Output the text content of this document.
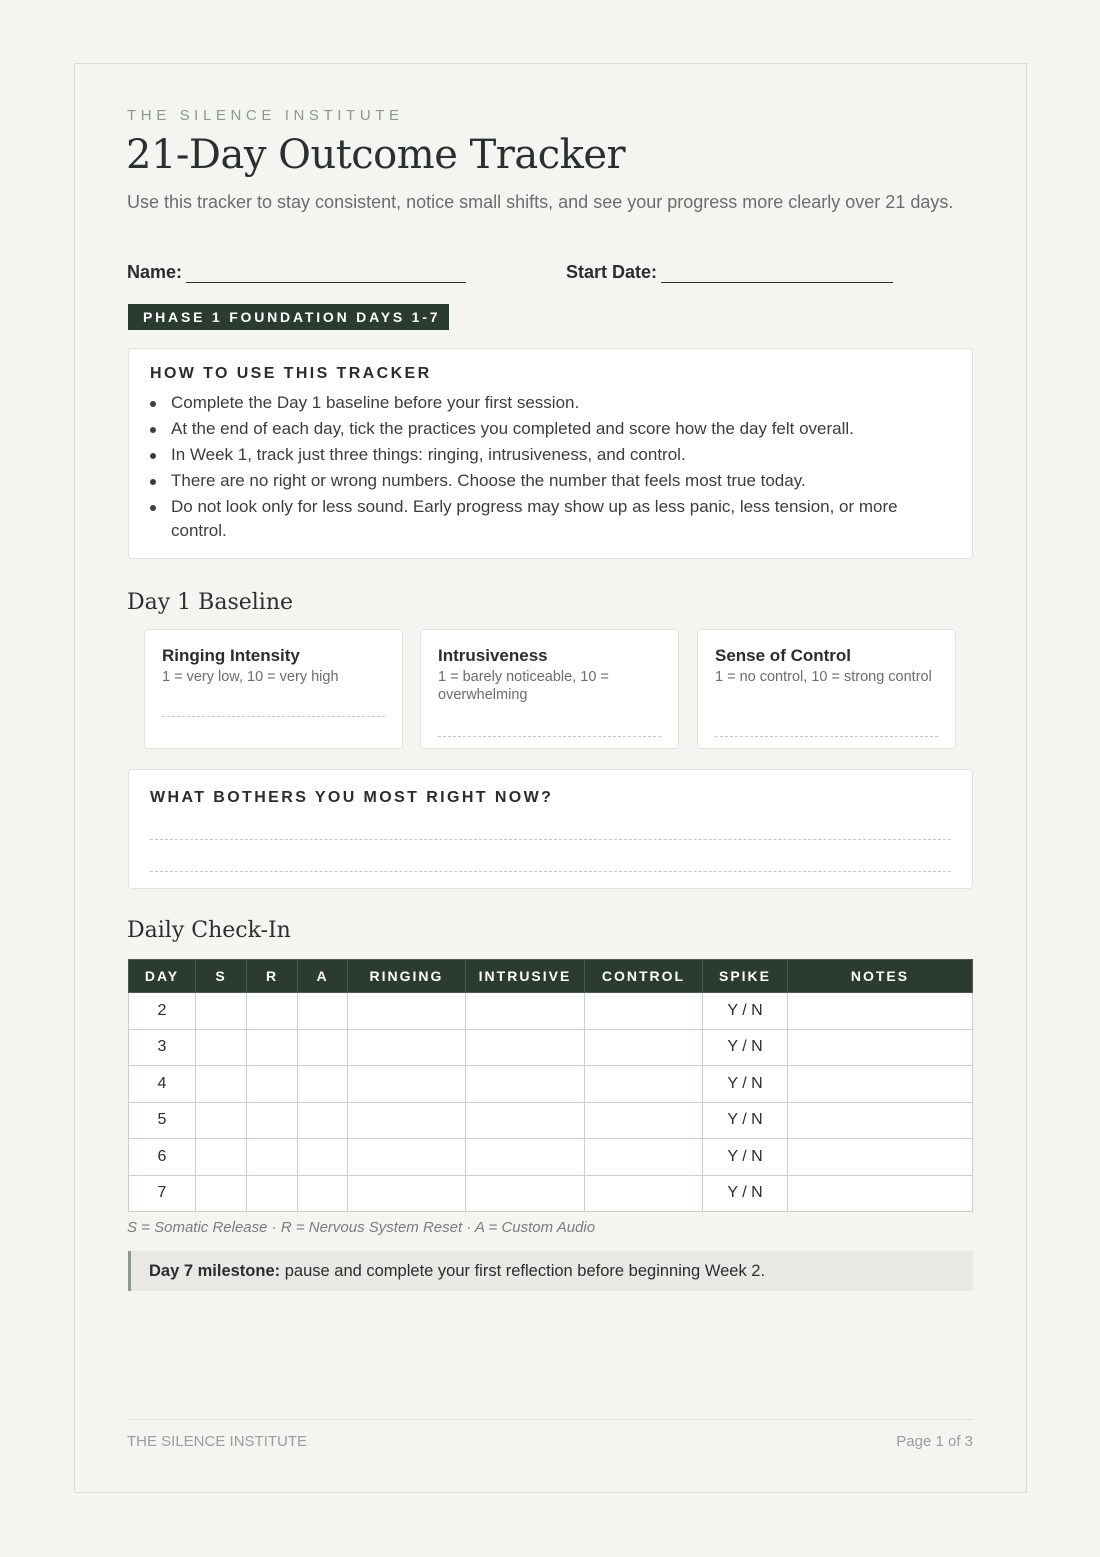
THE SILENCE INSTITUTE
21-Day Outcome Tracker
Use this tracker to stay consistent, notice small shifts, and see your progress more clearly over 21 days.
Name:	Start Date:
PHASE 1 FOUNDATION DAYS 1-7
HOW TO USE THIS TRACKER
Complete the Day 1 baseline before your first session.
At the end of each day, tick the practices you completed and score how the day felt overall.
In Week 1, track just three things: ringing, intrusiveness, and control.
There are no right or wrong numbers. Choose the number that feels most true today.
Do not look only for less sound. Early progress may show up as less panic, less tension, or more control.
Day 1 Baseline
Ringing Intensity
1 = very low, 10 = very high
Intrusiveness
1 = barely noticeable, 10 = overwhelming
Sense of Control
1 = no control, 10 = strong control
WHAT BOTHERS YOU MOST RIGHT NOW?
Daily Check-In
DAY	S	R	A	RINGING	INTRUSIVE	CONTROL	SPIKE	NOTES
2							Y / N	
3							Y / N	
4							Y / N	
5							Y / N	
6							Y / N	
7							Y / N	
S = Somatic Release · R = Nervous System Reset · A = Custom Audio
Day 7 milestone: pause and complete your first reflection before beginning Week 2.
THE SILENCE INSTITUTE	Page 1 of 3
